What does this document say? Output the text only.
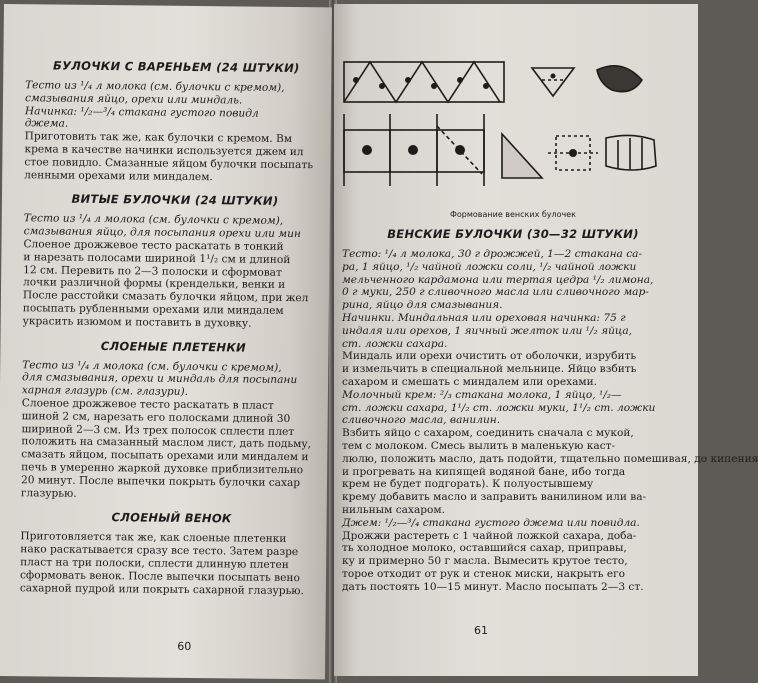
БУЛОЧКИ С ВАРЕНЬЕМ (24 ШТУКИ)

Тесто из ¹/₄ л молока (см. булочки с кремом),

смазывания яйцо, орехи или миндаль.

Начинка: ¹/₂—³/₄ стакана густого повидл

джема.

Приготовить так же, как булочки с кремом. Вм

крема в качестве начинки используется джем ил

стое повидло. Смазанные яйцом булочки посыпать

ленными орехами или миндалем.

ВИТЫЕ БУЛОЧКИ (24 ШТУКИ)

Тесто из ¹/₄ л молока (см. булочки с кремом),

смазывания яйцо, для посыпания орехи или мин

Слоеное дрожжевое тесто раскатать в тонкий

и нарезать полосами шириной 1¹/₂ см и длиной

12 см. Перевить по 2—3 полоски и сформоват

лочки различной формы (крендельки, венки и

После расстойки смазать булочки яйцом, при жел

посыпать рубленными орехами или миндалем

украсить изюмом и поставить в духовку.

СЛОЕНЫЕ ПЛЕТЕНКИ

Тесто из ¹/₄ л молока (см. булочки с кремом),

для смазывания, орехи и миндаль для посыпани

харная глазурь (см. глазури).

Слоеное дрожжевое тесто раскатать в пласт

шиной 2 см, нарезать его полосками длиной 30

шириной 2—3 см. Из трех полосок сплести плет

положить на смазанный маслом лист, дать подьму,

смазать яйцом, посыпать орехами или миндалем и

печь в умеренно жаркой духовке приблизительно

20 минут. После выпечки покрыть булочки сахар

глазурью.

СЛОЕНЫЙ ВЕНОК

Приготовляется так же, как слоеные плетенки

нако раскатывается сразу все тесто. Затем разре

пласт на три полоски, сплести длинную плетен

сформовать венок. После выпечки посыпать вено

сахарной пудрой или покрыть сахарной глазурью.

60
Формование венских булочек
ВЕНСКИЕ БУЛОЧКИ (30—32 ШТУКИ)

Тесто: ¹/₄ л молока, 30 г дрожжей, 1—2 стакана са-

ра, 1 яйцо, ¹/₂ чайной ложки соли, ¹/₂ чайной ложки

мельченного кардамона или тертая цедра ¹/₂ лимона,

0 г муки, 250 г сливочного масла или сливочного мар-

рина, яйцо для смазывания.

Начинки. Миндальная или ореховая начинка: 75 г

индаля или орехов, 1 яичный желток или ¹/₂ яйца,

ст. ложки сахара.

Миндаль или орехи очистить от оболочки, изрубить

и измельчить в специальной мельнице. Яйцо взбить

сахаром и смешать с миндалем или орехами.

Молочный крем: ²/₃ стакана молока, 1 яйцо, ¹/₂—

ст. ложки сахара, 1¹/₂ ст. ложки муки, 1¹/₂ ст. ложки

сливочного масла, ванилин.

Взбить яйцо с сахаром, соединить сначала с мукой,

тем с молоком. Смесь вылить в маленькую каст-

люлю, положить масло, дать подойти, тщательно помешивая, до кипения

и прогревать на кипящей водяной бане, ибо тогда

крем не будет подгорать). К полуостывшему

крему добавить масло и заправить ванилином или ва-

нильным сахаром.

Джем: ¹/₂—³/₄ стакана густого джема или повидла.

Дрожжи растереть с 1 чайной ложкой сахара, доба-

ть холодное молоко, оставшийся сахар, приправы,

ку и примерно 50 г масла. Вымесить крутое тесто,

торое отходит от рук и стенок миски, накрыть его

дать постоять 10—15 минут. Масло посыпать 2—3 ст.

61
